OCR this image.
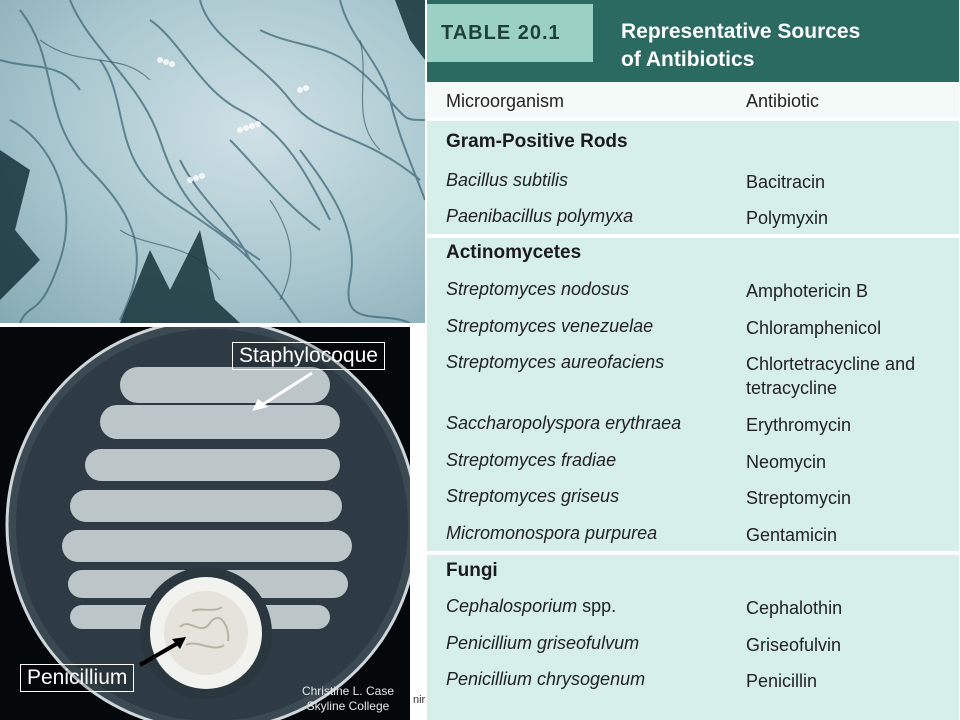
Staphylocoque
Penicillium
Christine L. Case
Skyline College	nir
TABLE 20.1	Representative Sources
of Antibiotics
Microorganism	Antibiotic
Gram-Positive Rods
Bacillus subtilis	Bacitracin
Paenibacillus polymyxa	Polymyxin
Actinomycetes
Streptomyces nodosus	Amphotericin B
Streptomyces venezuelae	Chloramphenicol
Streptomyces aureofaciens	Chlortetracycline and tetracycline
Saccharopolyspora erythraea	Erythromycin
Streptomyces fradiae	Neomycin
Streptomyces griseus	Streptomycin
Micromonospora purpurea	Gentamicin
Fungi
Cephalosporium spp.	Cephalothin
Penicillium griseofulvum	Griseofulvin
Penicillium chrysogenum	Penicillin
